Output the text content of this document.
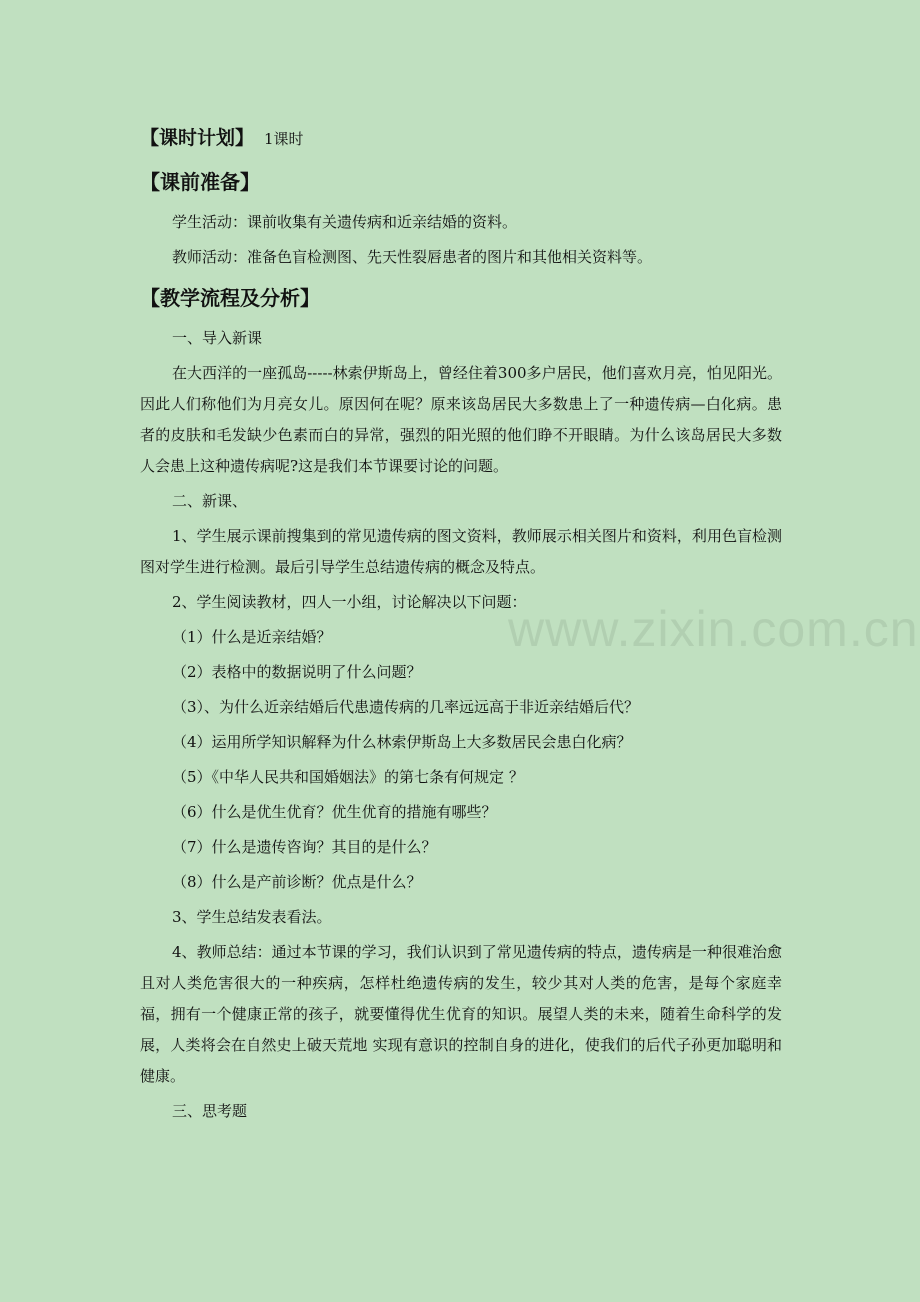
www.zixin.com.cn
【课时计划】 1课时
【课前准备】

学生活动：课前收集有关遗传病和近亲结婚的资料。

教师活动：准备色盲检测图、先天性裂唇患者的图片和其他相关资料等。

【教学流程及分析】

一、导入新课

在大西洋的一座孤岛-----林索伊斯岛上，曾经住着300多户居民，他们喜欢月亮，怕见阳光。因此人们称他们为月亮女儿。原因何在呢？原来该岛居民大多数患上了一种遗传病—白化病。患者的皮肤和毛发缺少色素而白的异常，强烈的阳光照的他们睁不开眼睛。为什么该岛居民大多数人会患上这种遗传病呢?这是我们本节课要讨论的问题。

二、新课、

1、学生展示课前搜集到的常见遗传病的图文资料，教师展示相关图片和资料，利用色盲检测图对学生进行检测。最后引导学生总结遗传病的概念及特点。

2、学生阅读教材，四人一小组，讨论解决以下问题：

（1）什么是近亲结婚？

（2）表格中的数据说明了什么问题？

（3）、为什么近亲结婚后代患遗传病的几率远远高于非近亲结婚后代？

（4）运用所学知识解释为什么林索伊斯岛上大多数居民会患白化病？

（5）《中华人民共和国婚姻法》的第七条有何规定 ？

（6）什么是优生优育？优生优育的措施有哪些？

（7）什么是遗传咨询？其目的是什么？

（8）什么是产前诊断？优点是什么？

3、学生总结发表看法。

4、教师总结：通过本节课的学习，我们认识到了常见遗传病的特点，遗传病是一种很难治愈且对人类危害很大的一种疾病，怎样杜绝遗传病的发生，较少其对人类的危害，是每个家庭幸福，拥有一个健康正常的孩子，就要懂得优生优育的知识。展望人类的未来，随着生命科学的发展，人类将会在自然史上破天荒地 实现有意识的控制自身的进化，使我们的后代子孙更加聪明和健康。

三、思考题
